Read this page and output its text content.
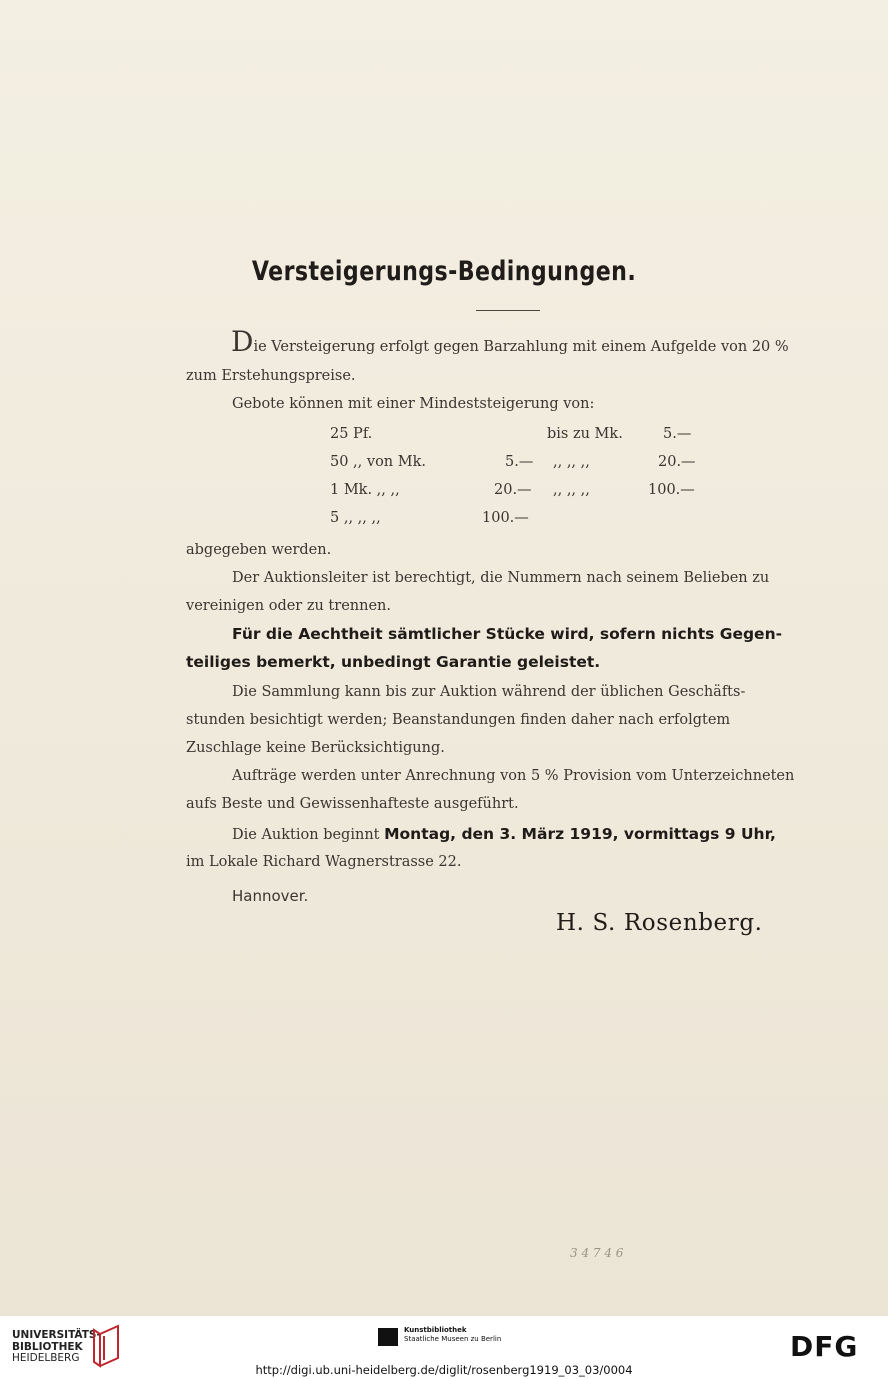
Versteigerungs-Bedingungen.
Die Versteigerung erfolgt gegen Barzahlung mit einem Aufgelde von 20 %
zum Erstehungspreise.
Gebote können mit einer Mindeststeigerung von:
25 Pf.	bis zu Mk.	5.—
50 ,, von Mk.	5.— ,, ,, ,,	20.—
1 Mk. ,, ,,	20.— ,, ,, ,,	100.—
5 ,, ,, ,,	100.—
abgegeben werden.
Der Auktionsleiter ist berechtigt, die Nummern nach seinem Belieben zu
vereinigen oder zu trennen.
Für die Aechtheit sämtlicher Stücke wird, sofern nichts Gegen-
teiliges bemerkt, unbedingt Garantie geleistet.
Die Sammlung kann bis zur Auktion während der üblichen Geschäfts-
stunden besichtigt werden; Beanstandungen finden daher nach erfolgtem
Zuschlage keine Berücksichtigung.
Aufträge werden unter Anrechnung von 5 % Provision vom Unterzeichneten
aufs Beste und Gewissenhafteste ausgeführt.
Die Auktion beginnt Montag, den 3. März 1919, vormittags 9 Uhr,
im Lokale Richard Wagnerstrasse 22.
Hannover.
H. S. Rosenberg.
3 4 7 4 6
UNIVERSITÄTS-
BIBLIOTHEK
HEIDELBERG
Kunstbibliothek
Staatliche Museen zu Berlin	DFG
http://digi.ub.uni-heidelberg.de/diglit/rosenberg1919_03_03/0004
